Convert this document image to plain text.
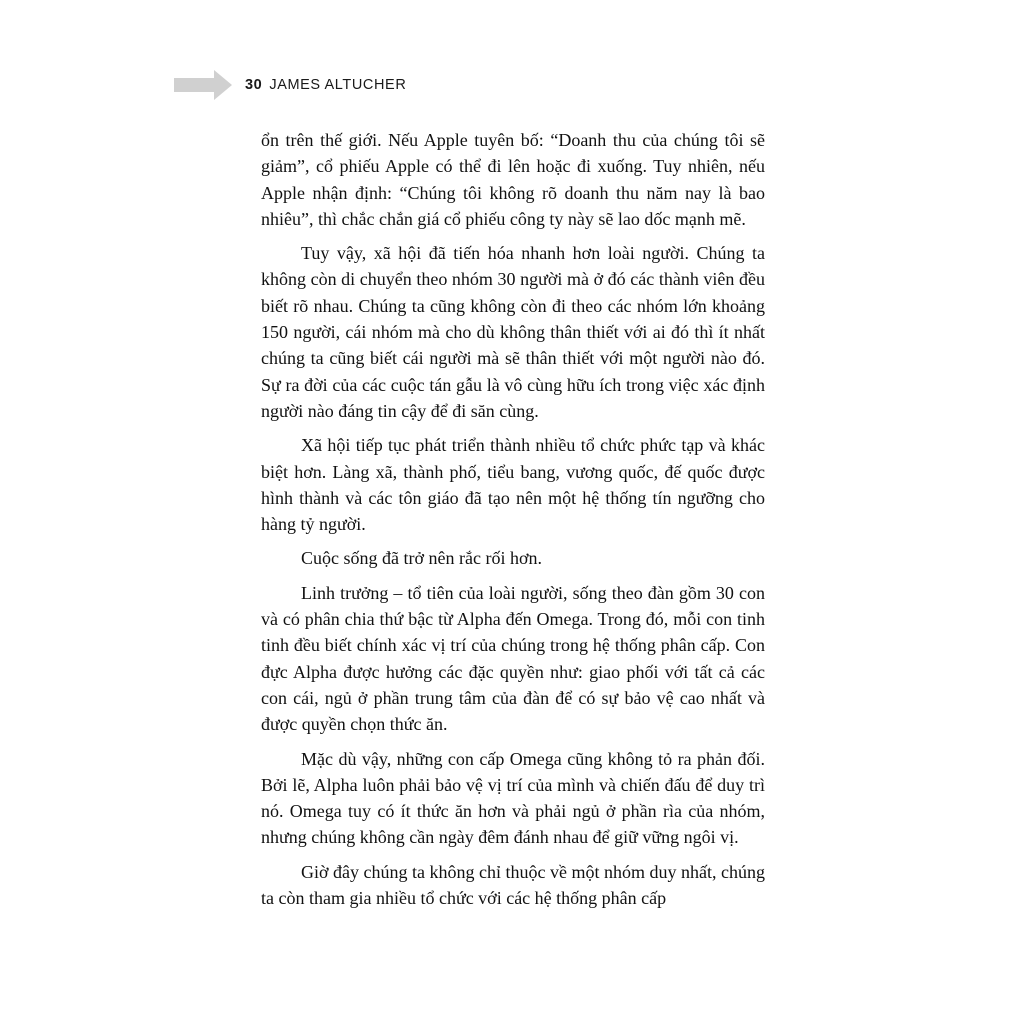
30 JAMES ALTUCHER

ổn trên thế giới. Nếu Apple tuyên bố: “Doanh thu của chúng tôi sẽ giảm”, cổ phiếu Apple có thể đi lên hoặc đi xuống. Tuy nhiên, nếu Apple nhận định: “Chúng tôi không rõ doanh thu năm nay là bao nhiêu”, thì chắc chắn giá cổ phiếu công ty này sẽ lao dốc mạnh mẽ.

Tuy vậy, xã hội đã tiến hóa nhanh hơn loài người. Chúng ta không còn di chuyển theo nhóm 30 người mà ở đó các thành viên đều biết rõ nhau. Chúng ta cũng không còn đi theo các nhóm lớn khoảng 150 người, cái nhóm mà cho dù không thân thiết với ai đó thì ít nhất chúng ta cũng biết cái người mà sẽ thân thiết với một người nào đó. Sự ra đời của các cuộc tán gẫu là vô cùng hữu ích trong việc xác định người nào đáng tin cậy để đi săn cùng.

Xã hội tiếp tục phát triển thành nhiều tổ chức phức tạp và khác biệt hơn. Làng xã, thành phố, tiểu bang, vương quốc, đế quốc được hình thành và các tôn giáo đã tạo nên một hệ thống tín ngưỡng cho hàng tỷ người.

Cuộc sống đã trở nên rắc rối hơn.

Linh trưởng – tổ tiên của loài người, sống theo đàn gồm 30 con và có phân chia thứ bậc từ Alpha đến Omega. Trong đó, mỗi con tinh tinh đều biết chính xác vị trí của chúng trong hệ thống phân cấp. Con đực Alpha được hưởng các đặc quyền như: giao phối với tất cả các con cái, ngủ ở phần trung tâm của đàn để có sự bảo vệ cao nhất và được quyền chọn thức ăn.

Mặc dù vậy, những con cấp Omega cũng không tỏ ra phản đối. Bởi lẽ, Alpha luôn phải bảo vệ vị trí của mình và chiến đấu để duy trì nó. Omega tuy có ít thức ăn hơn và phải ngủ ở phần rìa của nhóm, nhưng chúng không cần ngày đêm đánh nhau để giữ vững ngôi vị.

Giờ đây chúng ta không chỉ thuộc về một nhóm duy nhất, chúng ta còn tham gia nhiều tổ chức với các hệ thống phân cấp
